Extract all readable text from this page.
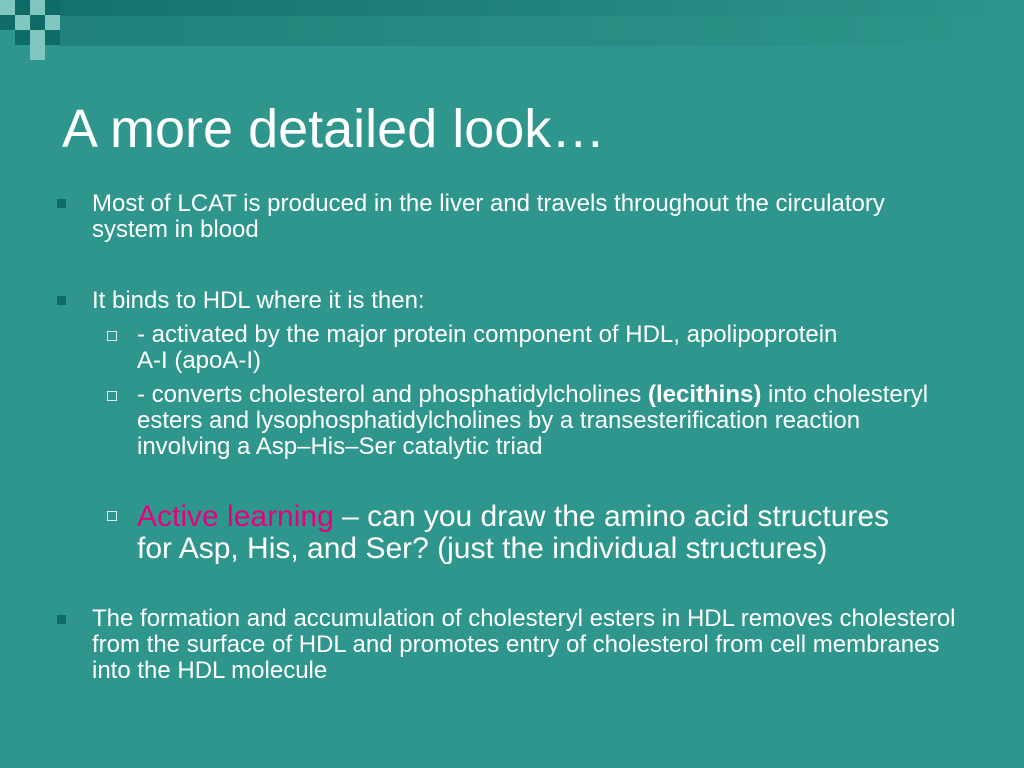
A more detailed look…
Most of LCAT is produced in the liver and travels throughout the circulatory system in blood
It binds to HDL where it is then:
- activated by the major protein component of HDL, apolipoprotein A-I (apoA-I)
- converts cholesterol and phosphatidylcholines (lecithins) into cholesteryl esters and lysophosphatidylcholines by a transesterification reaction involving a Asp–His–Ser catalytic triad
Active learning – can you draw the amino acid structures for Asp, His, and Ser? (just the individual structures)
The formation and accumulation of cholesteryl esters in HDL removes cholesterol from the surface of HDL and promotes entry of cholesterol from cell membranes into the HDL molecule
